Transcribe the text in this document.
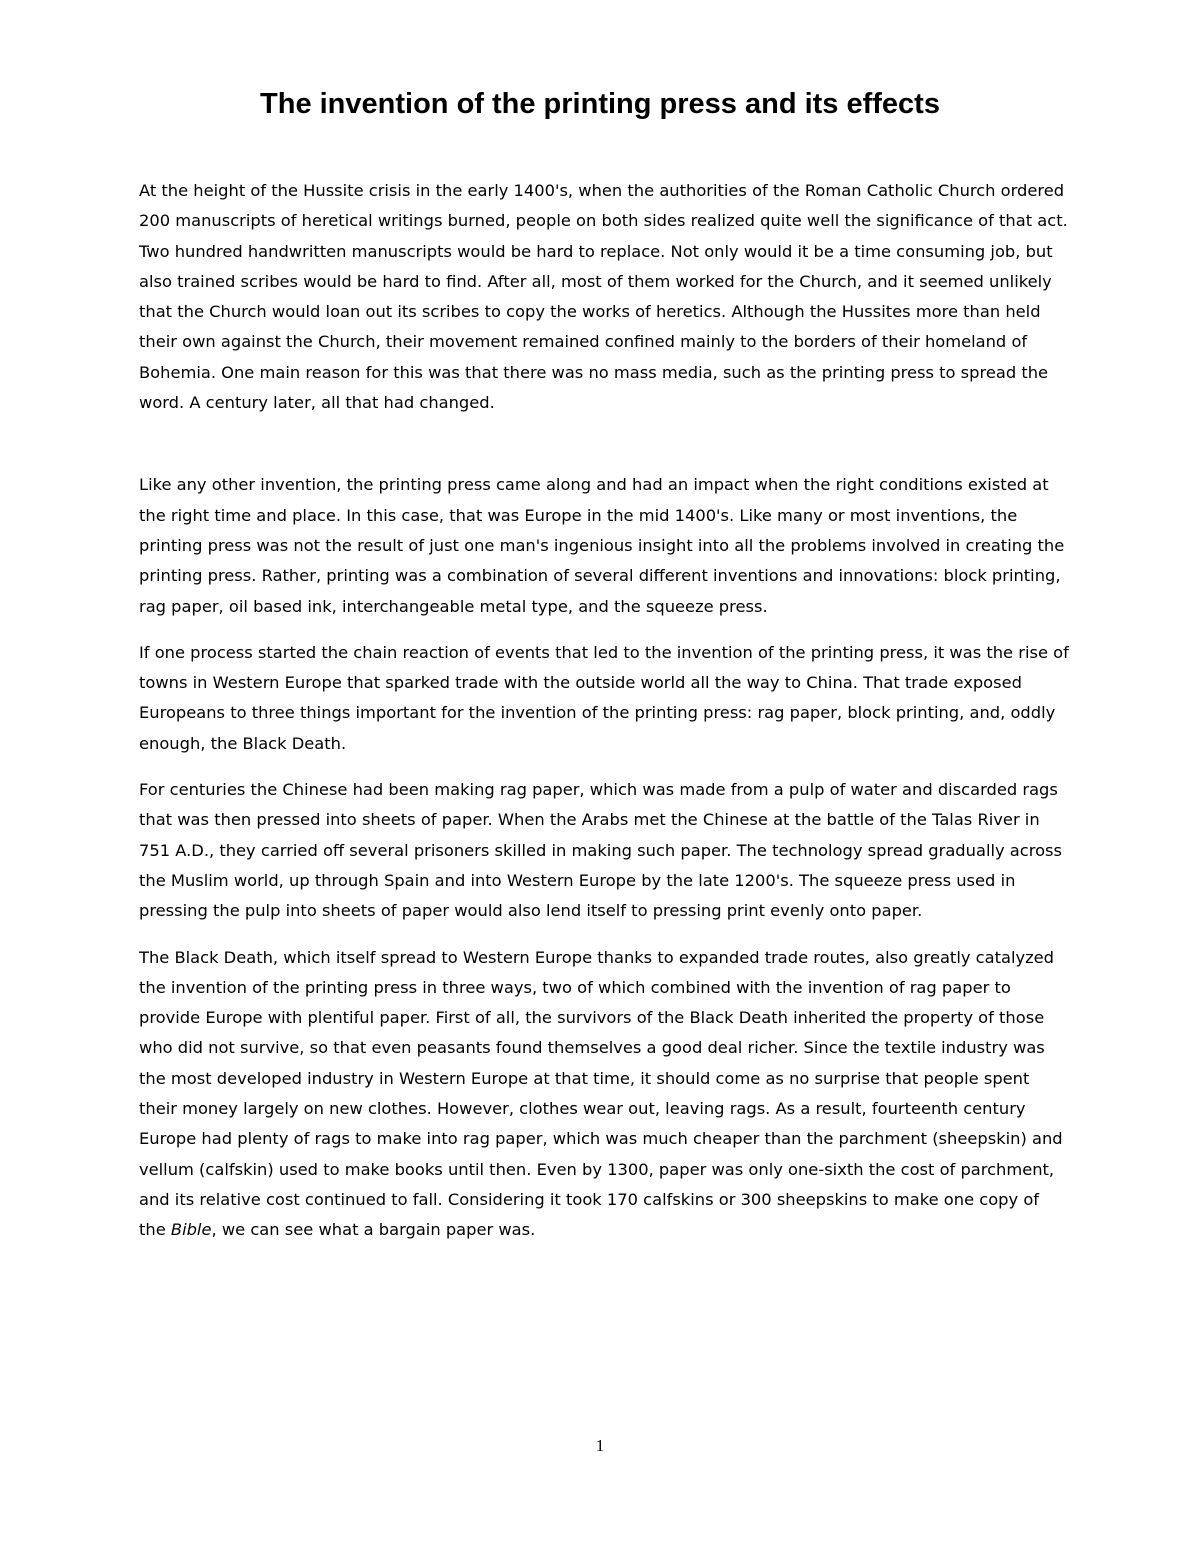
The invention of the printing press and its effects

At the height of the Hussite crisis in the early 1400's, when the authorities of the Roman Catholic Church ordered 200 manuscripts of heretical writings burned, people on both sides realized quite well the significance of that act. Two hundred handwritten manuscripts would be hard to replace. Not only would it be a time consuming job, but also trained scribes would be hard to find. After all, most of them worked for the Church, and it seemed unlikely that the Church would loan out its scribes to copy the works of heretics. Although the Hussites more than held their own against the Church, their movement remained confined mainly to the borders of their homeland of Bohemia. One main reason for this was that there was no mass media, such as the printing press to spread the word. A century later, all that had changed.

Like any other invention, the printing press came along and had an impact when the right conditions existed at the right time and place. In this case, that was Europe in the mid 1400's. Like many or most inventions, the printing press was not the result of just one man's ingenious insight into all the problems involved in creating the printing press. Rather, printing was a combination of several different inventions and innovations: block printing, rag paper, oil based ink, interchangeable metal type, and the squeeze press.

If one process started the chain reaction of events that led to the invention of the printing press, it was the rise of towns in Western Europe that sparked trade with the outside world all the way to China. That trade exposed Europeans to three things important for the invention of the printing press: rag paper, block printing, and, oddly enough, the Black Death.

For centuries the Chinese had been making rag paper, which was made from a pulp of water and discarded rags that was then pressed into sheets of paper. When the Arabs met the Chinese at the battle of the Talas River in 751 A.D., they carried off several prisoners skilled in making such paper. The technology spread gradually across the Muslim world, up through Spain and into Western Europe by the late 1200's. The squeeze press used in pressing the pulp into sheets of paper would also lend itself to pressing print evenly onto paper.

The Black Death, which itself spread to Western Europe thanks to expanded trade routes, also greatly catalyzed the invention of the printing press in three ways, two of which combined with the invention of rag paper to provide Europe with plentiful paper. First of all, the survivors of the Black Death inherited the property of those who did not survive, so that even peasants found themselves a good deal richer. Since the textile industry was the most developed industry in Western Europe at that time, it should come as no surprise that people spent their money largely on new clothes. However, clothes wear out, leaving rags. As a result, fourteenth century Europe had plenty of rags to make into rag paper, which was much cheaper than the parchment (sheepskin) and vellum (calfskin) used to make books until then. Even by 1300, paper was only one-sixth the cost of parchment, and its relative cost continued to fall. Considering it took 170 calfskins or 300 sheepskins to make one copy of the Bible, we can see what a bargain paper was.

1
